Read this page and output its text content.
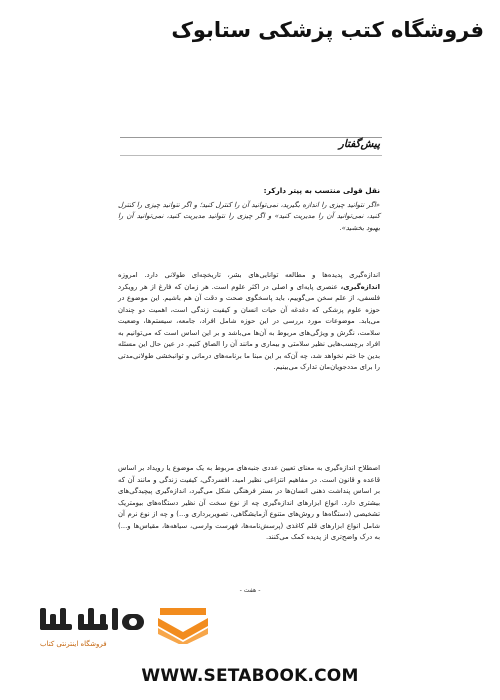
فروشگاه کتب پزشکی ستابوک
پیش‌گفتار
نقل قولی منتسب به پیتر دارکر:

«اگر نتوانید چیزی را اندازه بگیرید، نمی‌توانید آن را کنترل کنید؛ و اگر نتوانید چیزی را کنترل کنید، نمی‌توانید آن را مدیریت کنید» و اگر چیزی را نتوانید مدیریت کنید، نمی‌توانید آن را بهبود بخشید».

اندازه‌گیری پدیده‌ها و مطالعه توانایی‌های بشر، تاریخچه‌ای طولانی دارد. امروزه اندازه‌گیری، عنصری پایه‌ای و اصلی در اکثر علوم است. هر زمان که فارغ از هر رویکرد فلسفی، از علم سخن می‌گوییم، باید پاسخگوی صحت و دقت آن هم باشیم. این موضوع در حوزه علوم پزشکی که دغدغه آن حیات انسان و کیفیت زندگی است، اهمیت دو چندان می‌یابد. موضوعات مورد بررسی در این حوزه شامل افراد، جامعه، سیستم‌ها، وضعیت سلامت، نگرش و ویژگی‌های مربوط به آن‌ها می‌باشد و بر این اساس است که می‌توانیم به افراد برچسب‌هایی نظیر سلامتی و بیماری و مانند آن را الصاق کنیم. در عین حال این مسئله بدین جا ختم نخواهد شد، چه آن‌که بر این مبنا ما برنامه‌های درمانی و توانبخشی طولانی‌مدتی را برای مددجویان‌مان تدارک می‌بینیم.

اصطلاح اندازه‌گیری به معنای تعیین عددی جنبه‌های مربوط به یک موضوع یا رویداد بر اساس قاعده و قانون است. در مفاهیم انتزاعی نظیر امید، افسردگی، کیفیت زندگی و مانند آن که بر اساس پنداشت ذهنی انسان‌ها در بستر فرهنگی شکل می‌گیرد، اندازه‌گیری پیچیدگی‌های بیشتری دارد. انواع ابزارهای اندازه‌گیری چه از نوع سخت آن نظیر دستگاه‌های بیومتریک تشخیصی (دستگاه‌ها و روش‌های متنوع آزمایشگاهی، تصویربرداری و...) و چه از نوع نرم آن شامل انواع ابزارهای قلم کاغذی (پرسش‌نامه‌ها، فهرست وارسی، سیاهه‌ها، مقیاس‌ها و...) به درک واضح‌تری از پدیده کمک می‌کنند.

- هفت -
فروشگاه اینترنتی کتاب
WWW.SETABOOK.COM
